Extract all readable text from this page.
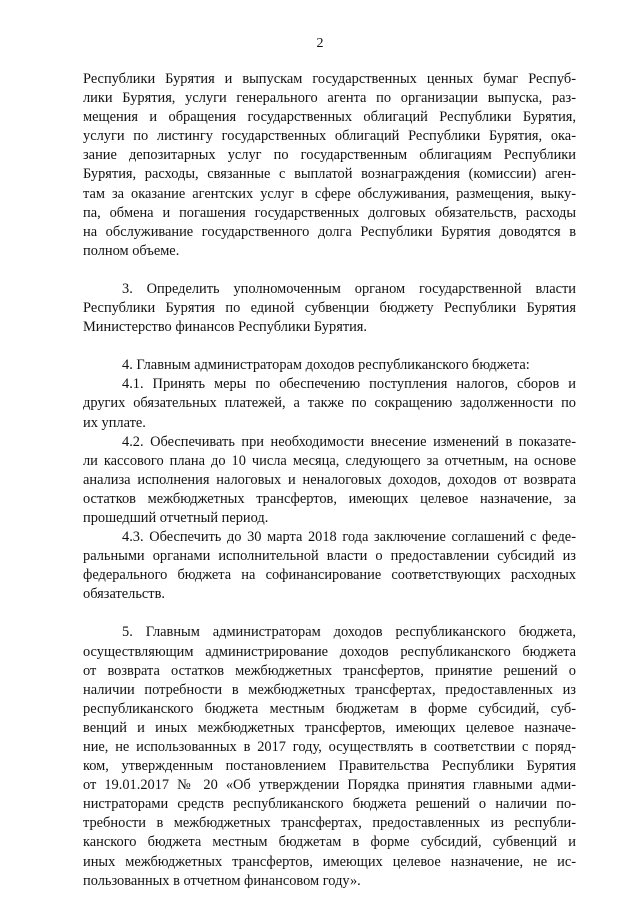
2

Республики Бурятия и выпускам государственных ценных бумаг Респуб-

лики Бурятия, услуги генерального агента по организации выпуска, раз-

мещения и обращения государственных облигаций Республики Бурятия,

услуги по листингу государственных облигаций Республики Бурятия, ока-

зание депозитарных услуг по государственным облигациям Республики

Бурятия, расходы, связанные с выплатой вознаграждения (комиссии) аген-

там за оказание агентских услуг в сфере обслуживания, размещения, выку-

па, обмена и погашения государственных долговых обязательств, расходы

на обслуживание государственного долга Республики Бурятия доводятся в

полном объеме.

3. Определить уполномоченным органом государственной власти

Республики Бурятия по единой субвенции бюджету Республики Бурятия

Министерство финансов Республики Бурятия.

4. Главным администраторам доходов республиканского бюджета:

4.1. Принять меры по обеспечению поступления налогов, сборов и

других обязательных платежей, а также по сокращению задолженности по

их уплате.

4.2. Обеспечивать при необходимости внесение изменений в показате-

ли кассового плана до 10 числа месяца, следующего за отчетным, на основе

анализа исполнения налоговых и неналоговых доходов, доходов от возврата

остатков межбюджетных трансфертов, имеющих целевое назначение, за

прошедший отчетный период.

4.3. Обеспечить до 30 марта 2018 года заключение соглашений с феде-

ральными органами исполнительной власти о предоставлении субсидий из

федерального бюджета на софинансирование соответствующих расходных

обязательств.

5. Главным администраторам доходов республиканского бюджета,

осуществляющим администрирование доходов республиканского бюджета

от возврата остатков межбюджетных трансфертов, принятие решений о

наличии потребности в межбюджетных трансфертах, предоставленных из

республиканского бюджета местным бюджетам в форме субсидий, суб-

венций и иных межбюджетных трансфертов, имеющих целевое назначе-

ние, не использованных в 2017 году, осуществлять в соответствии с поряд-

ком, утвержденным постановлением Правительства Республики Бурятия

от 19.01.2017 № 20 «Об утверждении Порядка принятия главными адми-

нистраторами средств республиканского бюджета решений о наличии по-

требности в межбюджетных трансфертах, предоставленных из республи-

канского бюджета местным бюджетам в форме субсидий, субвенций и

иных межбюджетных трансфертов, имеющих целевое назначение, не ис-

пользованных в отчетном финансовом году».
